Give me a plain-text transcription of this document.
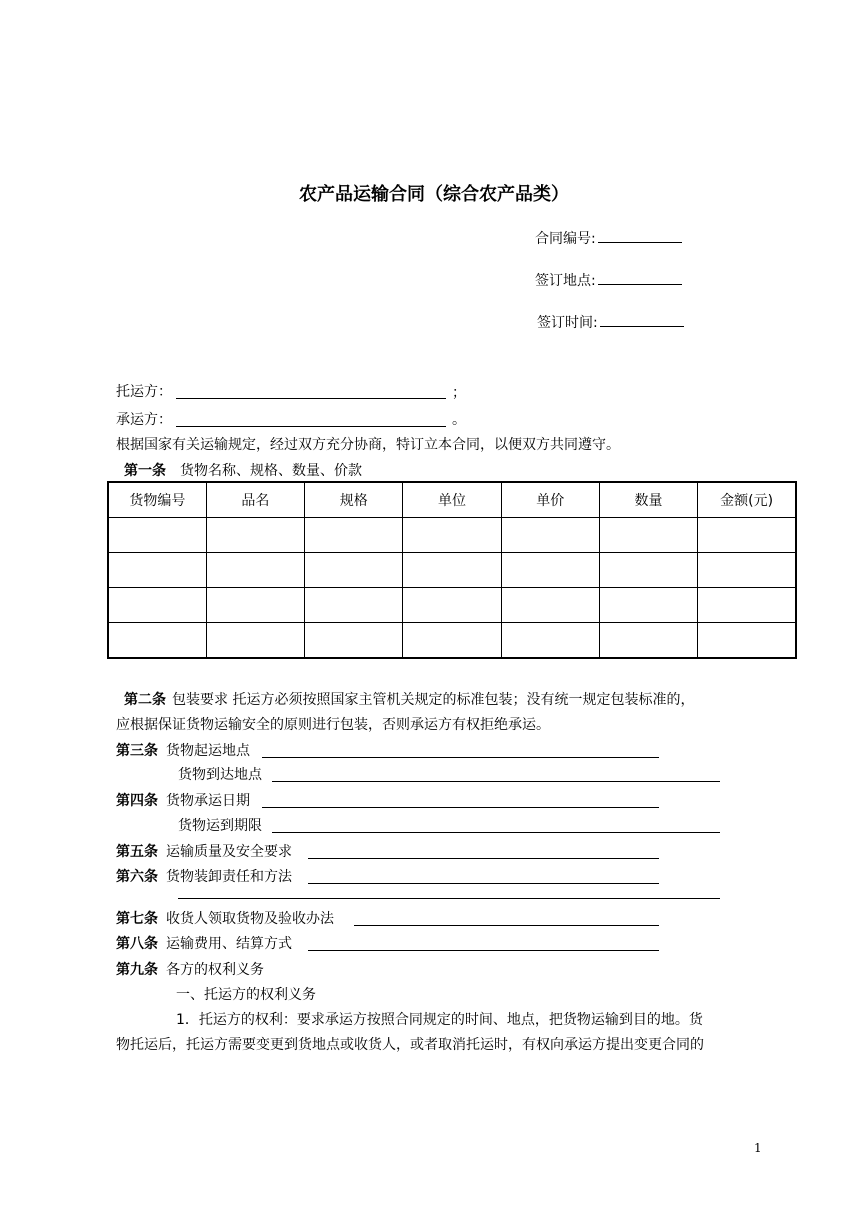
农产品运输合同（综合农产品类）
合同编号:
签订地点:
签订时间:
托运方：	；
承运方：	。
根据国家有关运输规定，经过双方充分协商，特订立本合同，以便双方共同遵守。
第一条 货物名称、规格、数量、价款
货物编号	品名	规格	单位	单价	数量	金额(元)

第二条 包装要求 托运方必须按照国家主管机关规定的标准包装；没有统一规定包装标准的，
应根据保证货物运输安全的原则进行包装，否则承运方有权拒绝承运。
第三条 货物起运地点
货物到达地点
第四条 货物承运日期
货物运到期限
第五条 运输质量及安全要求
第六条 货物装卸责任和方法
第七条 收货人领取货物及验收办法
第八条 运输费用、结算方式
第九条 各方的权利义务
一、托运方的权利义务
1．托运方的权利：要求承运方按照合同规定的时间、地点，把货物运输到目的地。货
物托运后，托运方需要变更到货地点或收货人，或者取消托运时，有权向承运方提出变更合同的
1
